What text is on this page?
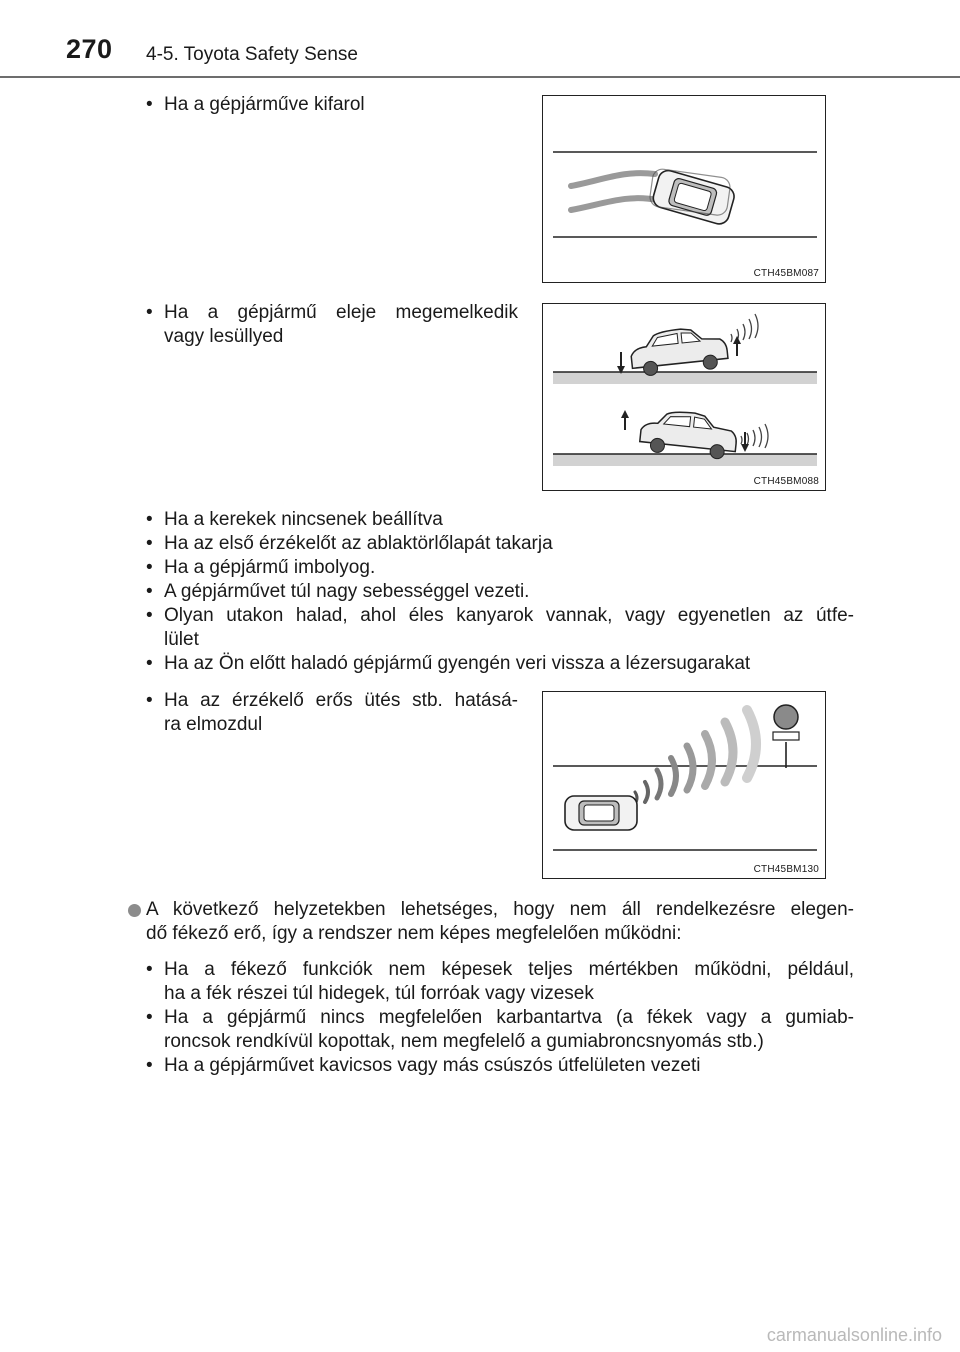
270 4-5. Toyota Safety Sense
• Ha a gépjárműve kifarol
CTH45BM087
• Ha a gépjármű eleje megemelkedik
vagy lesüllyed
CTH45BM088
• Ha a kerekek nincsenek beállítva
• Ha az első érzékelőt az ablaktörlőlapát takarja
• Ha a gépjármű imbolyog.
• A gépjárművet túl nagy sebességgel vezeti.
• Olyan utakon halad, ahol éles kanyarok vannak, vagy egyenetlen az útfe-
lület
• Ha az Ön előtt haladó gépjármű gyengén veri vissza a lézersugarakat
• Ha az érzékelő erős ütés stb. hatásá-
ra elmozdul
CTH45BM130
A következő helyzetekben lehetséges, hogy nem áll rendelkezésre elegen-
dő fékező erő, így a rendszer nem képes megfelelően működni:
• Ha a fékező funkciók nem képesek teljes mértékben működni, például,
ha a fék részei túl hidegek, túl forróak vagy vizesek
• Ha a gépjármű nincs megfelelően karbantartva (a fékek vagy a gumiab-
roncsok rendkívül kopottak, nem megfelelő a gumiabroncsnyomás stb.)
• Ha a gépjárművet kavicsos vagy más csúszós útfelületen vezeti
carmanualsonline.info
